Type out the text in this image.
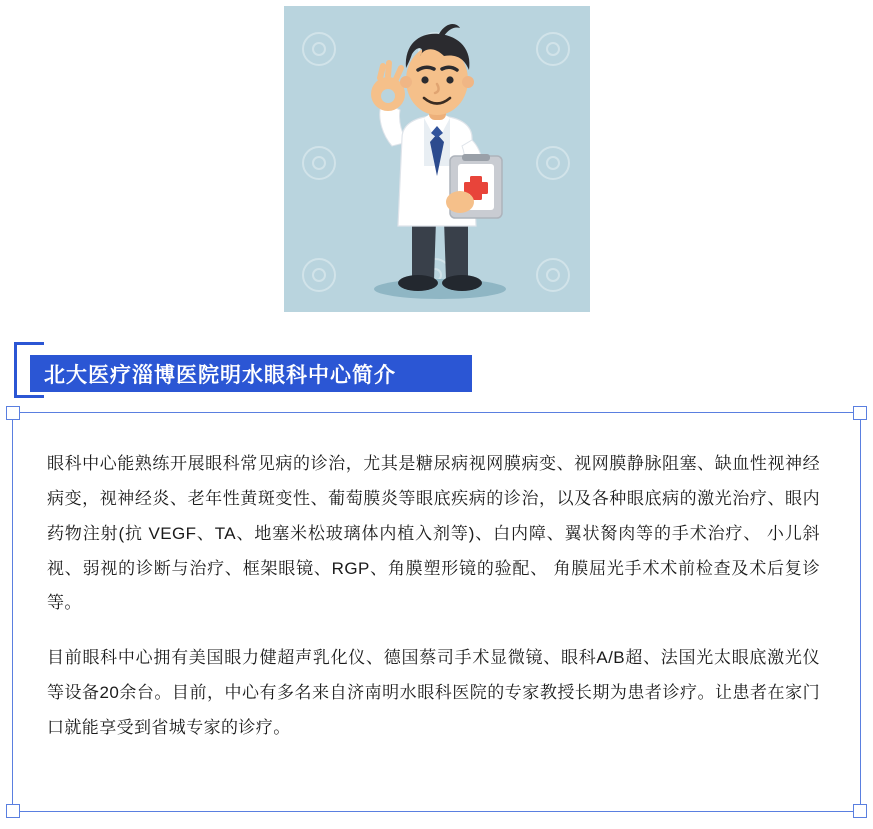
北大医疗淄博医院明水眼科中心简介

眼科中心能熟练开展眼科常见病的诊治，尤其是糖尿病视网膜病变、视网膜静脉阻塞、缺血性视神经病变，视神经炎、老年性黄斑变性、葡萄膜炎等眼底疾病的诊治，以及各种眼底病的激光治疗、眼内药物注射(抗 VEGF、TA、地塞米松玻璃体内植入剂等)、白内障、翼状胬肉等的手术治疗、 小儿斜视、弱视的诊断与治疗、框架眼镜、RGP、角膜塑形镜的验配、 角膜屈光手术术前检查及术后复诊等。

目前眼科中心拥有美国眼力健超声乳化仪、德国蔡司手术显微镜、眼科A/B超、法国光太眼底激光仪等设备20余台。目前，中心有多名来自济南明水眼科医院的专家教授长期为患者诊疗。让患者在家门口就能享受到省城专家的诊疗。
